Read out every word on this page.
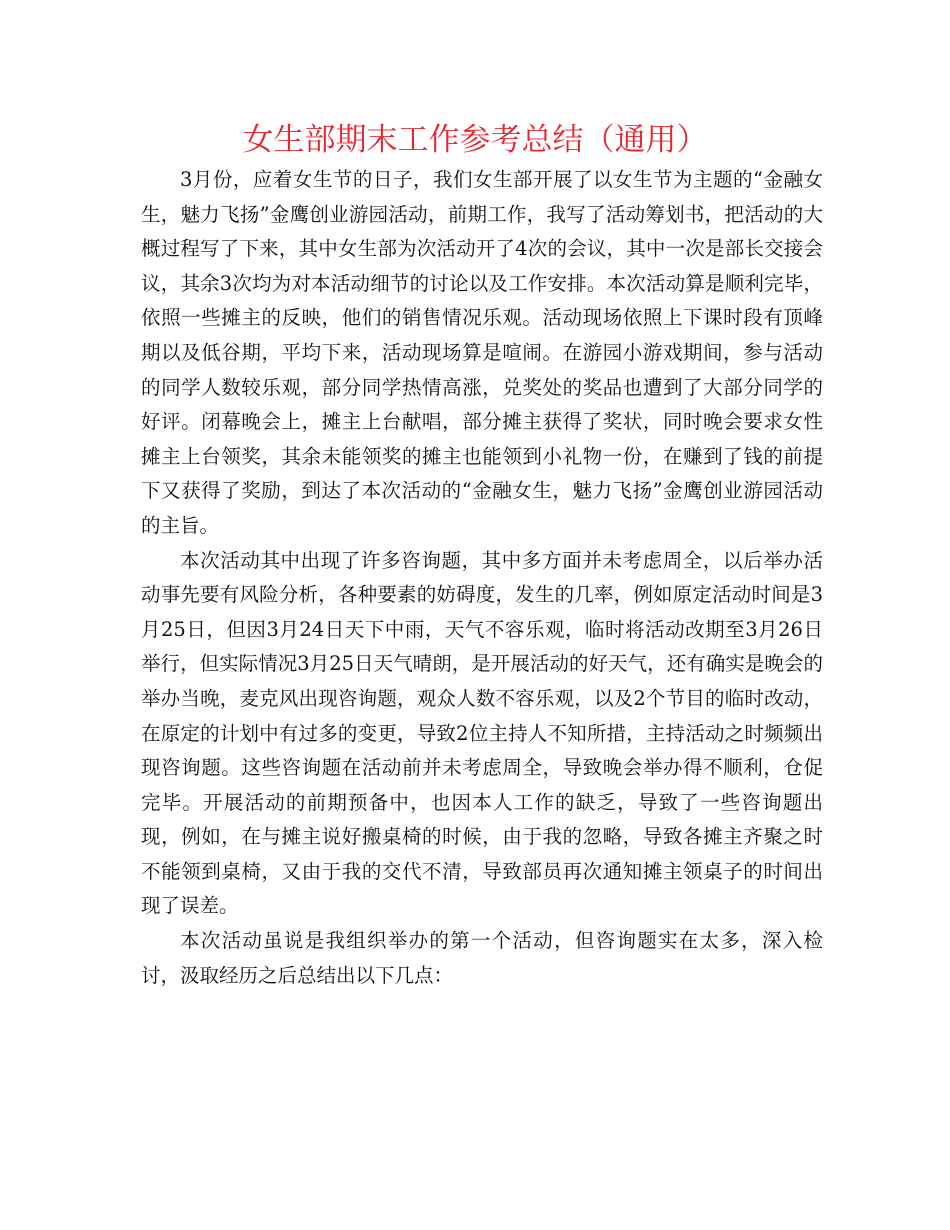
女生部期末工作参考总结（通用）

3月份，应着女生节的日子，我们女生部开展了以女生节为主题的“金融女生，魅力飞扬”金鹰创业游园活动，前期工作，我写了活动筹划书，把活动的大概过程写了下来，其中女生部为次活动开了4次的会议，其中一次是部长交接会议，其余3次均为对本活动细节的讨论以及工作安排。本次活动算是顺利完毕，依照一些摊主的反映，他们的销售情况乐观。活动现场依照上下课时段有顶峰期以及低谷期，平均下来，活动现场算是喧闹。在游园小游戏期间，参与活动的同学人数较乐观，部分同学热情高涨，兑奖处的奖品也遭到了大部分同学的好评。闭幕晚会上，摊主上台献唱，部分摊主获得了奖状，同时晚会要求女性摊主上台领奖，其余未能领奖的摊主也能领到小礼物一份，在赚到了钱的前提下又获得了奖励，到达了本次活动的“金融女生，魅力飞扬”金鹰创业游园活动的主旨。

本次活动其中出现了许多咨询题，其中多方面并未考虑周全，以后举办活动事先要有风险分析，各种要素的妨碍度，发生的几率，例如原定活动时间是3月25日，但因3月24日天下中雨，天气不容乐观，临时将活动改期至3月26日举行，但实际情况3月25日天气晴朗，是开展活动的好天气，还有确实是晚会的举办当晚，麦克风出现咨询题，观众人数不容乐观，以及2个节目的临时改动，在原定的计划中有过多的变更，导致2位主持人不知所措，主持活动之时频频出现咨询题。这些咨询题在活动前并未考虑周全，导致晚会举办得不顺利，仓促完毕。开展活动的前期预备中，也因本人工作的缺乏，导致了一些咨询题出现，例如，在与摊主说好搬桌椅的时候，由于我的忽略，导致各摊主齐聚之时不能领到桌椅，又由于我的交代不清，导致部员再次通知摊主领桌子的时间出现了误差。

本次活动虽说是我组织举办的第一个活动，但咨询题实在太多，深入检讨，汲取经历之后总结出以下几点：
